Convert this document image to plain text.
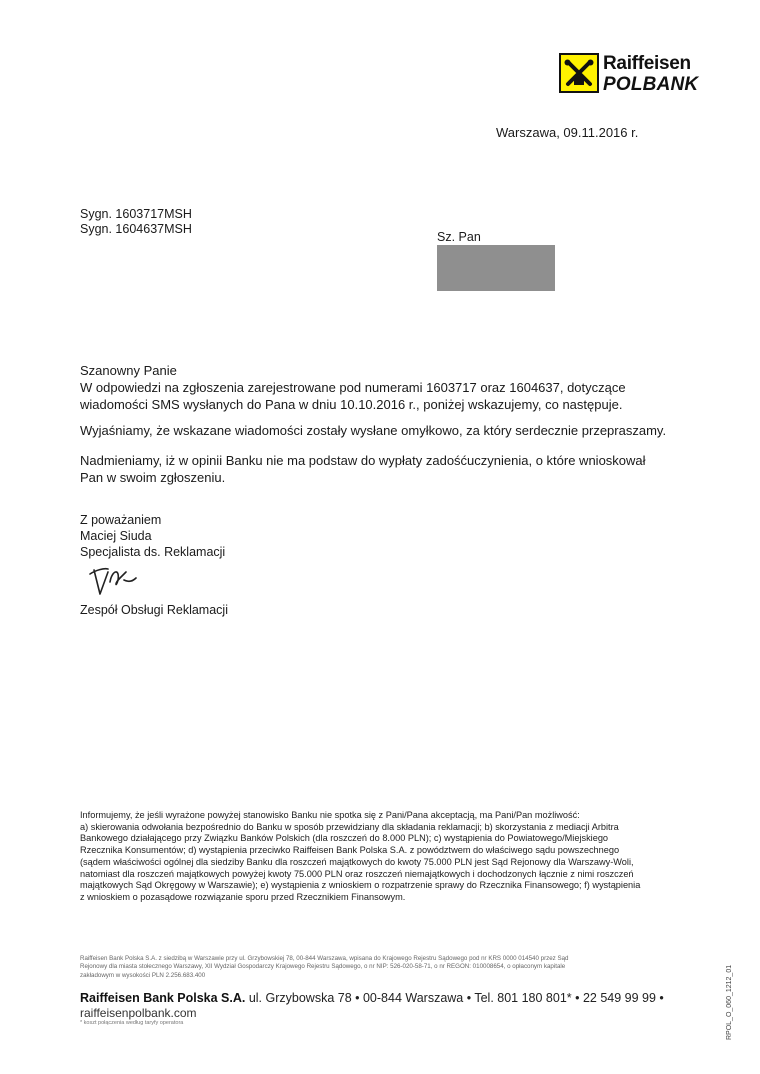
Raiffeisen
POLBANK
Warszawa, 09.11.2016 r.
Sygn. 1603717MSH
Sygn. 1604637MSH
Sz. Pan
Szanowny Panie
W odpowiedzi na zgłoszenia zarejestrowane pod numerami 1603717 oraz 1604637, dotyczące
wiadomości SMS wysłanych do Pana w dniu 10.10.2016 r., poniżej wskazujemy, co następuje.
Wyjaśniamy, że wskazane wiadomości zostały wysłane omyłkowo, za który serdecznie przepraszamy.
Nadmieniamy, iż w opinii Banku nie ma podstaw do wypłaty zadośćuczynienia, o które wnioskował
Pan w swoim zgłoszeniu.
Z poważaniem
Maciej Siuda
Specjalista ds. Reklamacji
Zespół Obsługi Reklamacji
Informujemy, że jeśli wyrażone powyżej stanowisko Banku nie spotka się z Pani/Pana akceptacją, ma Pani/Pan możliwość:
a) skierowania odwołania bezpośrednio do Banku w sposób przewidziany dla składania reklamacji; b) skorzystania z mediacji Arbitra
Bankowego działającego przy Związku Banków Polskich (dla roszczeń do 8.000 PLN); c) wystąpienia do Powiatowego/Miejskiego
Rzecznika Konsumentów; d) wystąpienia przeciwko Raiffeisen Bank Polska S.A. z powództwem do właściwego sądu powszechnego
(sądem właściwości ogólnej dla siedziby Banku dla roszczeń majątkowych do kwoty 75.000 PLN jest Sąd Rejonowy dla Warszawy-Woli,
natomiast dla roszczeń majątkowych powyżej kwoty 75.000 PLN oraz roszczeń niemajątkowych i dochodzonych łącznie z nimi roszczeń
majątkowych Sąd Okręgowy w Warszawie); e) wystąpienia z wnioskiem o rozpatrzenie sprawy do Rzecznika Finansowego; f) wystąpienia
z wnioskiem o pozasądowe rozwiązanie sporu przed Rzecznikiem Finansowym.
Raiffeisen Bank Polska S.A. z siedzibą w Warszawie przy ul. Grzybowskiej 78, 00-844 Warszawa, wpisana do Krajowego Rejestru Sądowego pod nr KRS 0000 014540 przez Sąd
Rejonowy dla miasta stołecznego Warszawy, XII Wydział Gospodarczy Krajowego Rejestru Sądowego, o nr NIP: 526-020-58-71, o nr REGON: 010008654, o opłaconym kapitale
zakładowym w wysokości PLN 2.256.683.400
Raiffeisen Bank Polska S.A. ul. Grzybowska 78 • 00-844 Warszawa • Tel. 801 180 801* • 22 549 99 99 •
raiffeisenpolbank.com
* koszt połączenia według taryfy operatora	RPOL_O_060_1212_01
